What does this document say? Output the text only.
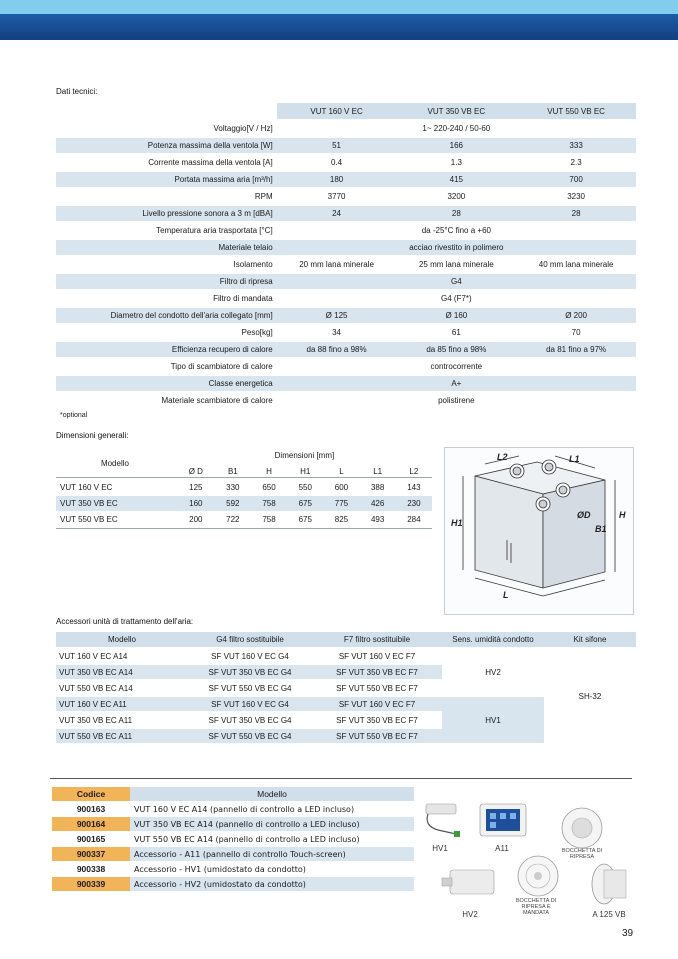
Dati tecnici:
	VUT 160 V EC	VUT 350 VB EC	VUT 550 VB EC
Voltaggio[V / Hz]	1~ 220-240 / 50-60		
Potenza massima della ventola [W]	51	166	333
Corrente massima della ventola [A]	0.4	1.3	2.3
Portata massima aria [m³/h]	180	415	700
RPM	3770	3200	3230
Livello pressione sonora a 3 m [dBA]	24	28	28
Temperatura aria trasportata [°C]	da -25°C fino a +60		
Materiale telaio	acciao rivestito in polimero		
Isolamento	20 mm lana minerale	25 mm lana minerale	40 mm lana minerale
Filtro di ripresa	G4		
Filtro di mandata	G4 (F7*)		
Diametro del condotto dell'aria collegato [mm]	Ø 125	Ø 160	Ø 200
Peso[kg]	34	61	70
Efficienza recupero di calore	da 88 fino a 98%	da 85 fino a 98%	da 81 fino a 97%
Tipo di scambiatore di calore	controcorrente		
Classe energetica	A+		
Materiale scambiatore di calore	polistirene		
*optional
Dimensioni generali:
Modello	Dimensioni [mm]						
	Ø D	B1	H	H1	L	L1	L2
VUT 160 V EC	125	330	650	550	600	388	143
VUT 350 VB EC	160	592	758	675	775	426	230
VUT 550 VB EC	200	722	758	675	825	493	284
L2	L1
H
H1
B1
ØD
L
Accessori unità di trattamento dell'aria:
Modello	G4 filtro sostituibile	F7 filtro sostituibile	Sens. umidità condotto	Kit sifone
VUT 160 V EC A14	SF VUT 160 V EC G4	SF VUT 160 V EC F7	HV2	SH-32
VUT 350 VB EC A14	SF VUT 350 VB EC G4	SF VUT 350 VB EC F7		
VUT 550 VB EC A14	SF VUT 550 VB EC G4	SF VUT 550 VB EC F7		
VUT 160 V EC A11	SF VUT 160 V EC G4	SF VUT 160 V EC F7	HV1	
VUT 350 VB EC A11	SF VUT 350 VB EC G4	SF VUT 350 VB EC F7		
VUT 550 VB EC A11	SF VUT 550 VB EC G4	SF VUT 550 VB EC F7		
Codice	Modello
900163	VUT 160 V EC A14 (pannello di controllo a LED incluso)
900164	VUT 350 VB EC A14 (pannello di controllo a LED incluso)
900165	VUT 550 VB EC A14 (pannello di controllo a LED incluso)
900337	Accessorio - A11 (pannello di controllo Touch-screen)
900338	Accessorio - HV1 (umidostato da condotto)
900339	Accessorio - HV2 (umidostato da condotto)
HV1	A11	BOCCHETTA DI RIPRESA
HV2
BOCCHETTA DI RIPRESA E MANDATA	A 125 VB
39
